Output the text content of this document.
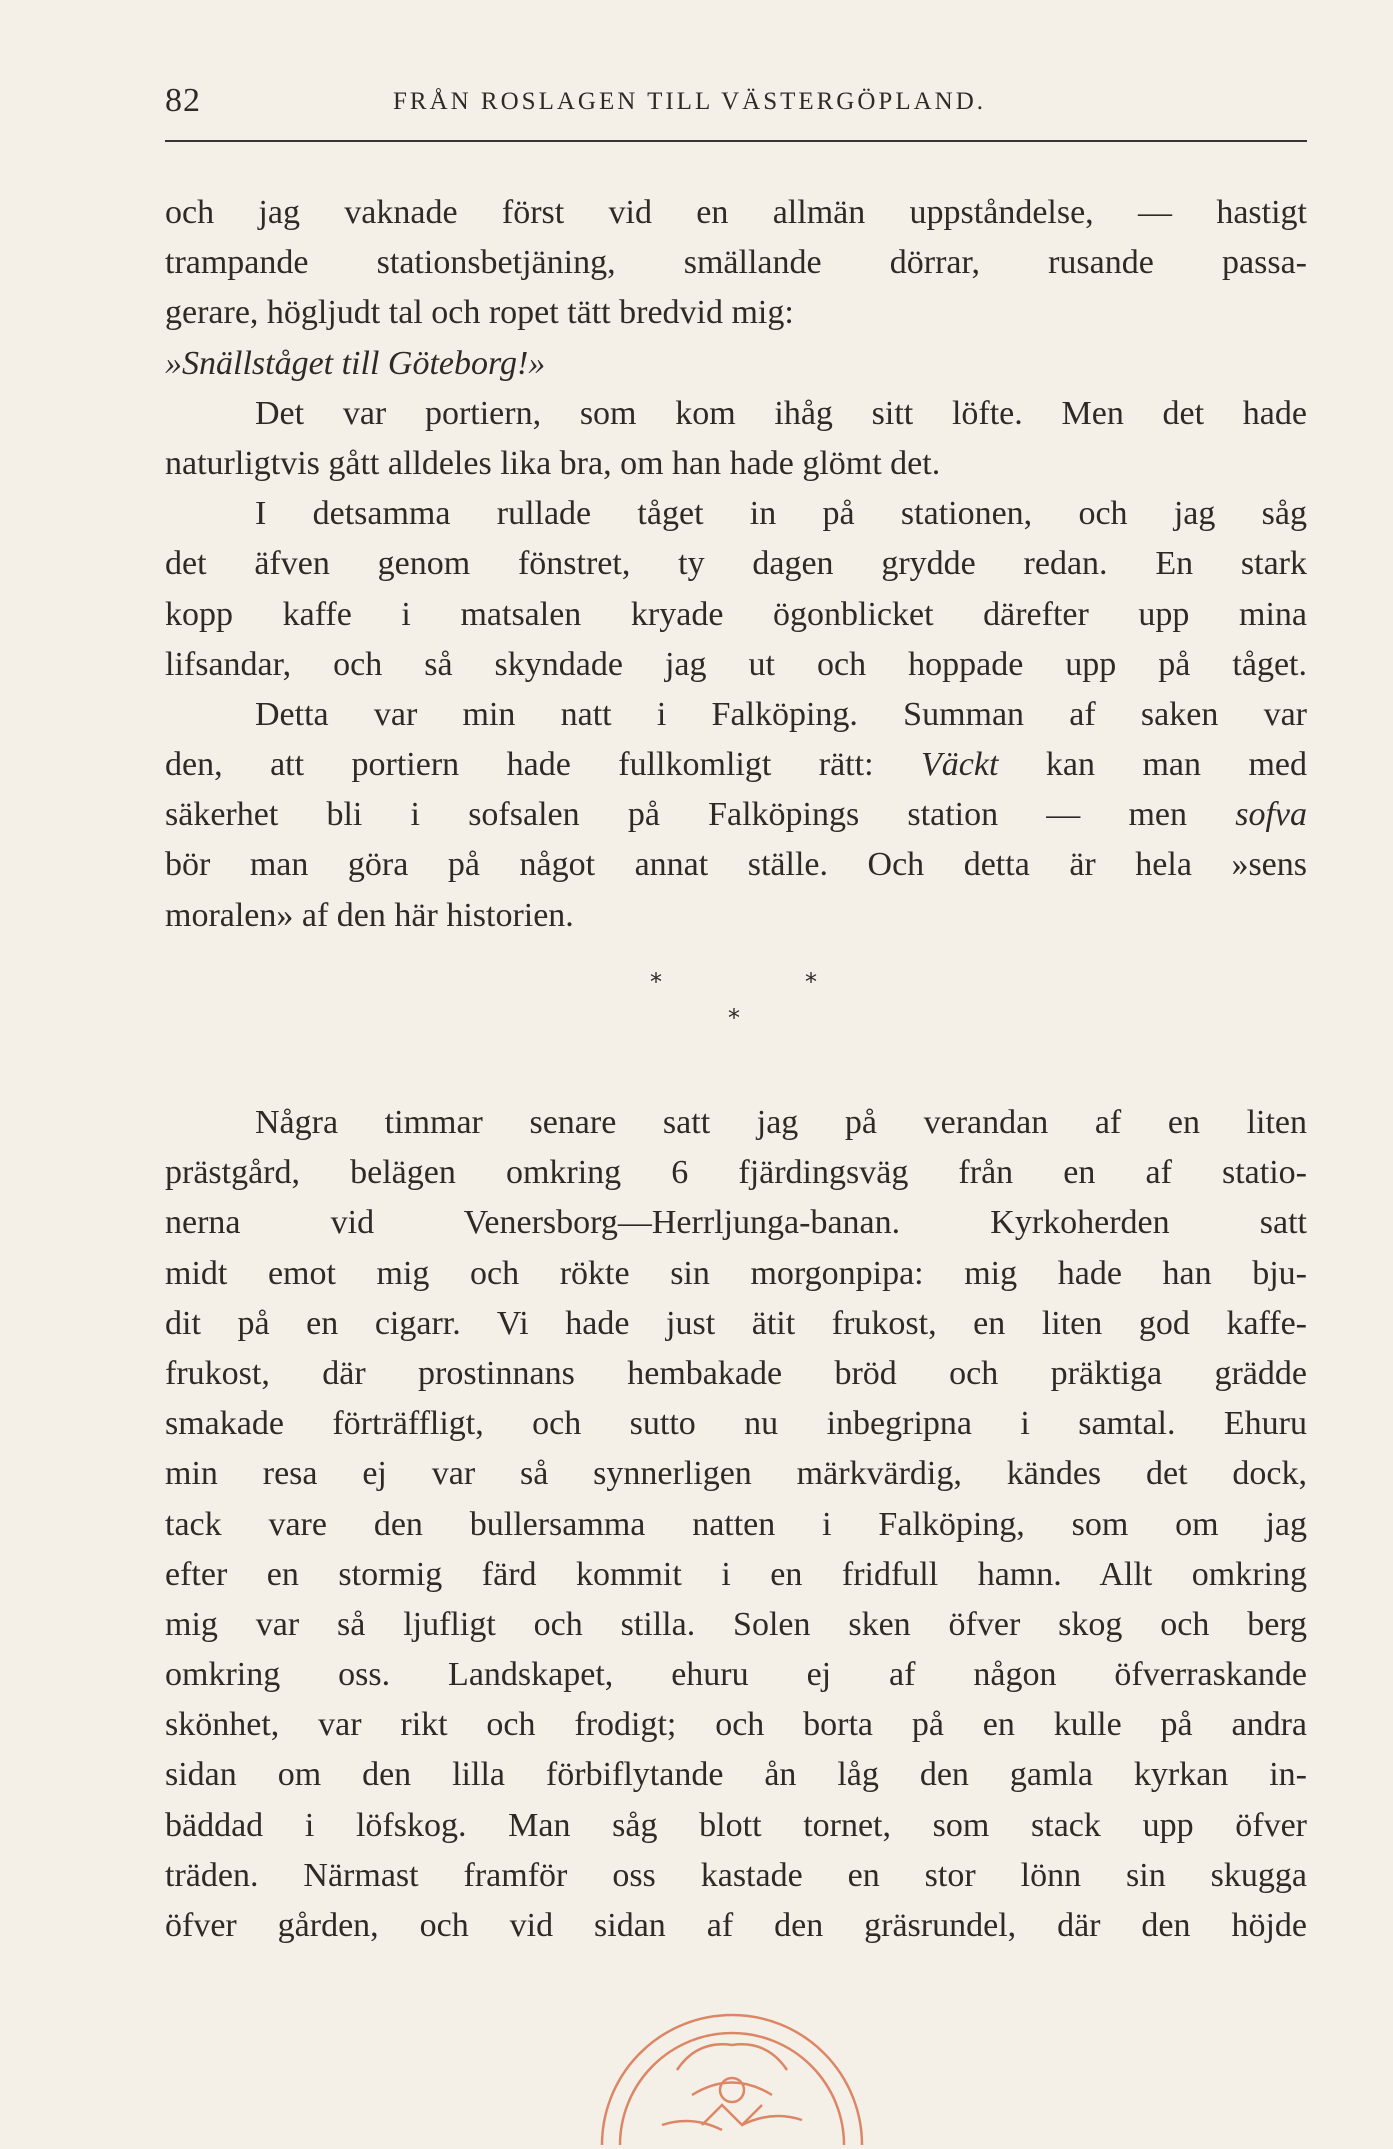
82	FRÅN ROSLAGEN TILL VÄSTERGÖPLAND.
och jag vaknade först vid en allmän uppståndelse, — hastigt
trampande stationsbetjäning, smällande dörrar, rusande passa-
gerare, högljudt tal och ropet tätt bredvid mig:
»Snällståget till Göteborg!»
Det var portiern, som kom ihåg sitt löfte. Men det hade
naturligtvis gått alldeles lika bra, om han hade glömt det.
I detsamma rullade tåget in på stationen, och jag såg
det äfven genom fönstret, ty dagen grydde redan. En stark
kopp kaffe i matsalen kryade ögonblicket därefter upp mina
lifsandar, och så skyndade jag ut och hoppade upp på tåget.
Detta var min natt i Falköping. Summan af saken var
den, att portiern hade fullkomligt rätt: Väckt kan man med
säkerhet bli i sofsalen på Falköpings station — men sofva
bör man göra på något annat ställe. Och detta är hela »sens
moralen» af den här historien.
*	*
*
Några timmar senare satt jag på verandan af en liten
prästgård, belägen omkring 6 fjärdingsväg från en af statio-
nerna vid Venersborg—Herrljunga-banan. Kyrkoherden satt
midt emot mig och rökte sin morgonpipa: mig hade han bju-
dit på en cigarr. Vi hade just ätit frukost, en liten god kaffe-
frukost, där prostinnans hembakade bröd och präktiga grädde
smakade förträffligt, och sutto nu inbegripna i samtal. Ehuru
min resa ej var så synnerligen märkvärdig, kändes det dock,
tack vare den bullersamma natten i Falköping, som om jag
efter en stormig färd kommit i en fridfull hamn. Allt omkring
mig var så ljufligt och stilla. Solen sken öfver skog och berg
omkring oss. Landskapet, ehuru ej af någon öfverraskande
skönhet, var rikt och frodigt; och borta på en kulle på andra
sidan om den lilla förbiflytande ån låg den gamla kyrkan in-
bäddad i löfskog. Man såg blott tornet, som stack upp öfver
träden. Närmast framför oss kastade en stor lönn sin skugga
öfver gården, och vid sidan af den gräsrundel, där den höjde
